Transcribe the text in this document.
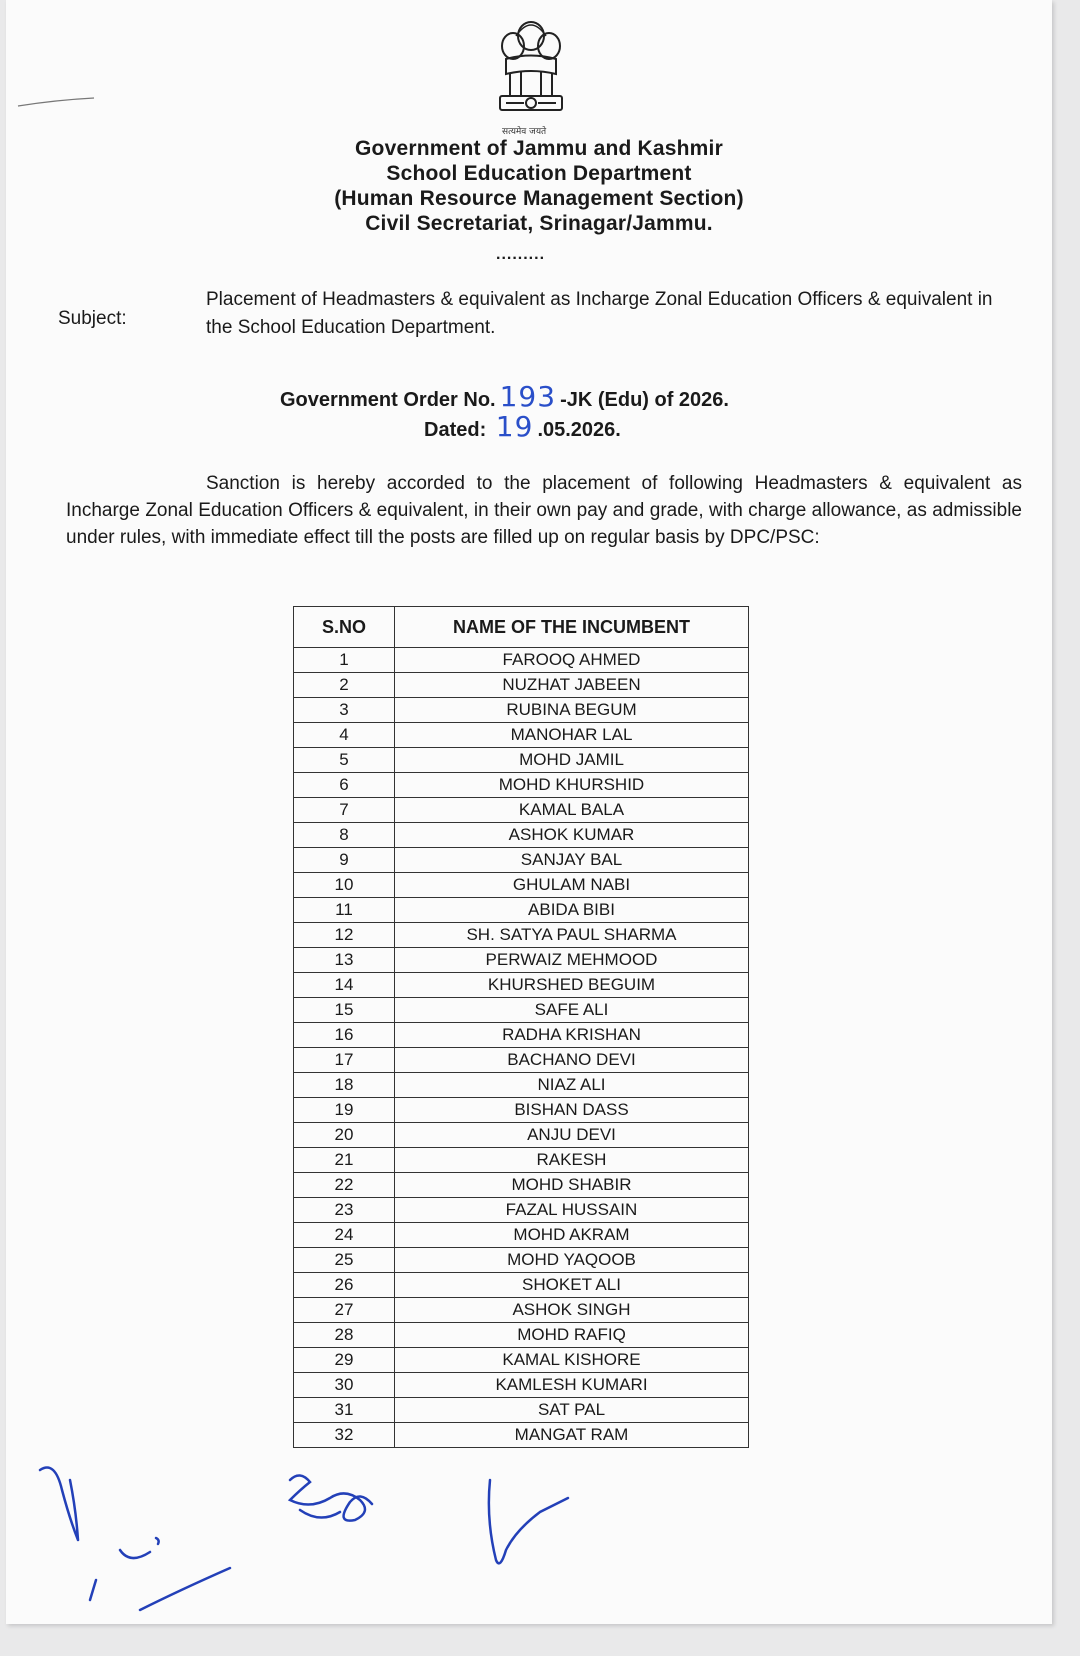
सत्यमेव जयते
Government of Jammu and Kashmir
School Education Department
(Human Resource Management Section)
Civil Secretariat, Srinagar/Jammu.
.........
Subject:
Placement of Headmasters & equivalent as Incharge Zonal Education Officers & equivalent in the School Education Department.
Government Order No. 193 -JK (Edu) of 2026.
Dated: 19 .05.2026.
Sanction is hereby accorded to the placement of following Headmasters & equivalent as Incharge Zonal Education Officers & equivalent, in their own pay and grade, with charge allowance, as admissible under rules, with immediate effect till the posts are filled up on regular basis by DPC/PSC:
S.NO	NAME OF THE INCUMBENT
1	FAROOQ AHMED
2	NUZHAT JABEEN
3	RUBINA BEGUM
4	MANOHAR LAL
5	MOHD JAMIL
6	MOHD KHURSHID
7	KAMAL BALA
8	ASHOK KUMAR
9	SANJAY BAL
10	GHULAM NABI
11	ABIDA BIBI
12	SH. SATYA PAUL SHARMA
13	PERWAIZ MEHMOOD
14	KHURSHED BEGUIM
15	SAFE ALI
16	RADHA KRISHAN
17	BACHANO DEVI
18	NIAZ ALI
19	BISHAN DASS
20	ANJU DEVI
21	RAKESH
22	MOHD SHABIR
23	FAZAL HUSSAIN
24	MOHD AKRAM
25	MOHD YAQOOB
26	SHOKET ALI
27	ASHOK SINGH
28	MOHD RAFIQ
29	KAMAL KISHORE
30	KAMLESH KUMARI
31	SAT PAL
32	MANGAT RAM
